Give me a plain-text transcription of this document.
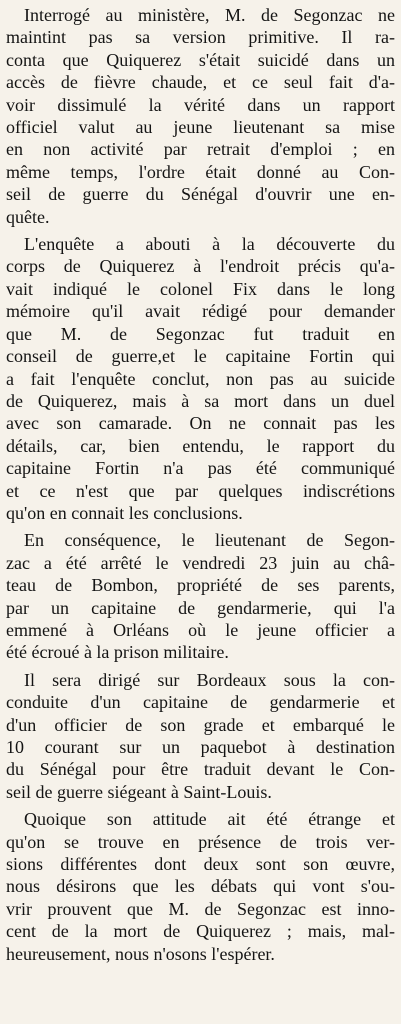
Interrogé au ministère, M. de Segonzac ne
maintint pas sa version primitive. Il ra-
conta que Quiquerez s'était suicidé dans un
accès de fièvre chaude, et ce seul fait d'a-
voir dissimulé la vérité dans un rapport
officiel valut au jeune lieutenant sa mise
en non activité par retrait d'emploi ; en
même temps, l'ordre était donné au Con-
seil de guerre du Sénégal d'ouvrir une en-
quête.
L'enquête a abouti à la découverte du
corps de Quiquerez à l'endroit précis qu'a-
vait indiqué le colonel Fix dans le long
mémoire qu'il avait rédigé pour demander
que M. de Segonzac fut traduit en
conseil de guerre,et le capitaine Fortin qui
a fait l'enquête conclut, non pas au suicide
de Quiquerez, mais à sa mort dans un duel
avec son camarade. On ne connait pas les
détails, car, bien entendu, le rapport du
capitaine Fortin n'a pas été communiqué
et ce n'est que par quelques indiscrétions
qu'on en connait les conclusions.
En conséquence, le lieutenant de Segon-
zac a été arrêté le vendredi 23 juin au châ-
teau de Bombon, propriété de ses parents,
par un capitaine de gendarmerie, qui l'a
emmené à Orléans où le jeune officier a
été écroué à la prison militaire.
Il sera dirigé sur Bordeaux sous la con-
conduite d'un capitaine de gendarmerie et
d'un officier de son grade et embarqué le
10 courant sur un paquebot à destination
du Sénégal pour être traduit devant le Con-
seil de guerre siégeant à Saint-Louis.
Quoique son attitude ait été étrange et
qu'on se trouve en présence de trois ver-
sions différentes dont deux sont son œuvre,
nous désirons que les débats qui vont s'ou-
vrir prouvent que M. de Segonzac est inno-
cent de la mort de Quiquerez ; mais, mal-
heureusement, nous n'osons l'espérer.
